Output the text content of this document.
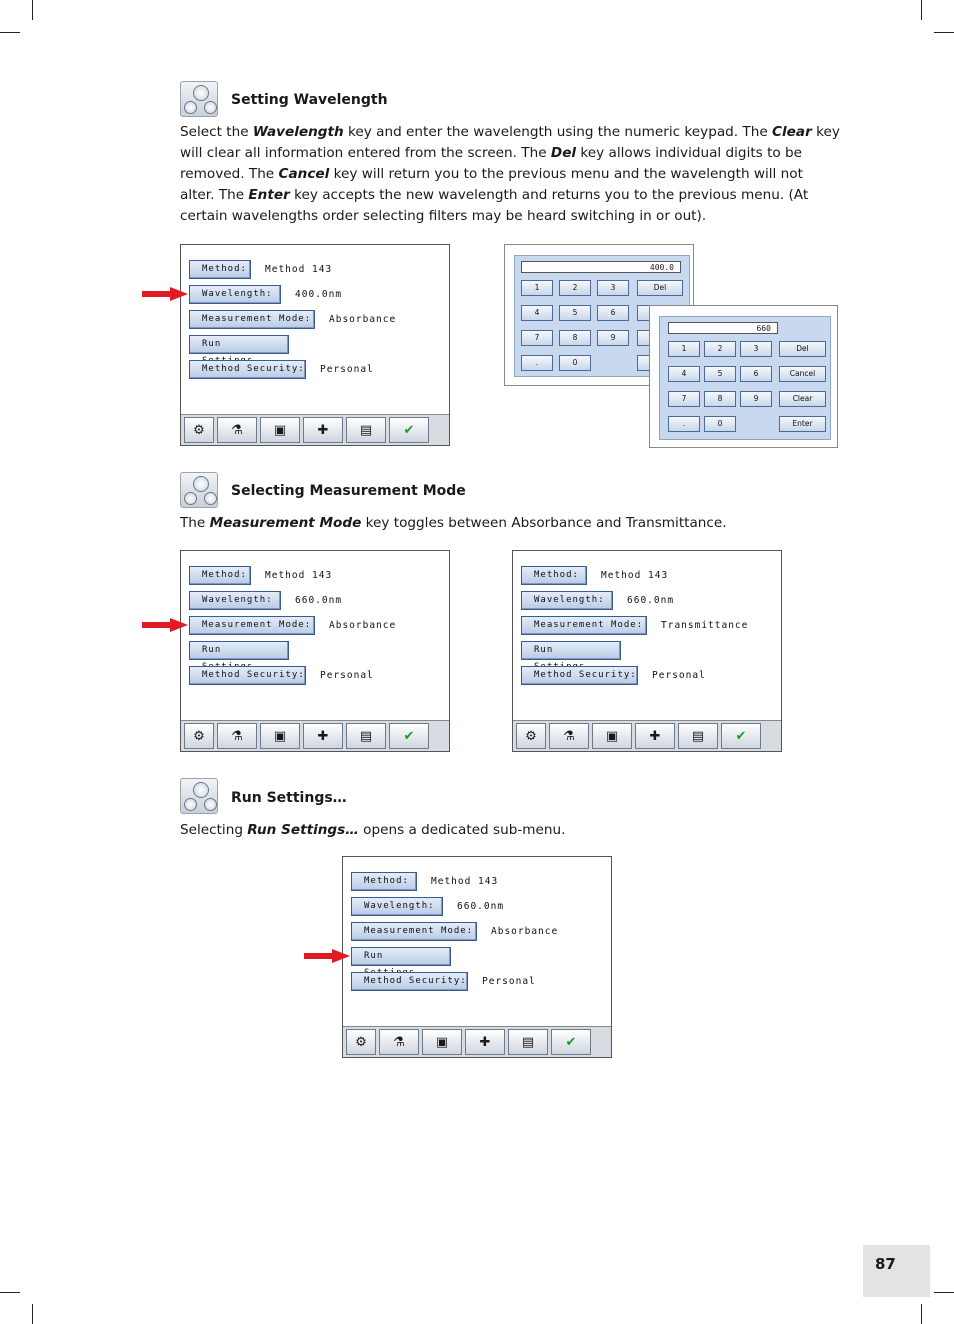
Setting Wavelength
Select the Wavelength key and enter the wavelength using the numeric keypad. The Clear key will clear all information entered from the screen. The Del key allows individual digits to be removed. The Cancel key will return you to the previous menu and the wavelength will not alter. The Enter key accepts the new wavelength and returns you to the previous menu. (At certain wavelengths order selecting filters may be heard switching in or out).
Method:	Method 143
Wavelength:	400.0nm
Measurement Mode:	Absorbance
Run
Method Security: Personal
⚙	⚗	▣	✚	▤	✔
400.0
1	2	3	Del
4	5	6
7	8	9
.	0
660
1	2	3	Del
4	5	6	Cancel
7	8	9	Clear
.	0	Enter
Selecting Measurement Mode
The Measurement Mode key toggles between Absorbance and Transmittance.
Method:	Method 143
Wavelength:	660.0nm
Measurement Mode:	Absorbance
Run
Method Security: Personal
⚙	⚗	▣	✚	▤	✔
Method:	Method 143
Wavelength:	660.0nm
Measurement Mode:	Transmittance
Run
Method Security: Personal
⚙	⚗	▣	✚	▤	✔
Run Settings…
Selecting Run Settings… opens a dedicated sub-menu.
Method:	Method 143
Wavelength:	660.0nm
Measurement Mode:	Absorbance
Run
Method Security: Personal
⚙	⚗	▣	✚	▤	✔
87
